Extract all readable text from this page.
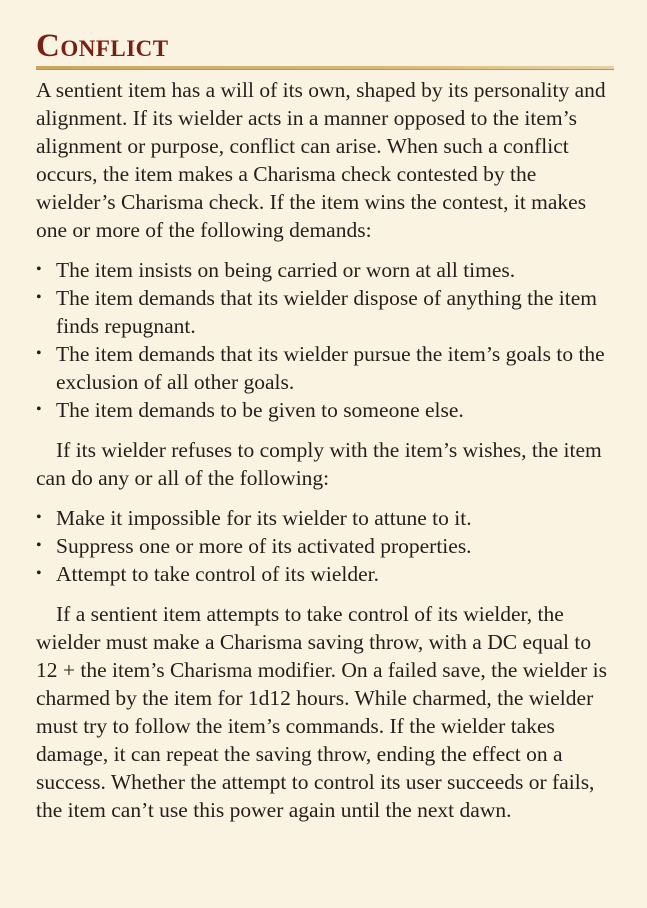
Conflict

A sentient item has a will of its own, shaped by its personality and alignment. If its wielder acts in a manner opposed to the item’s alignment or purpose, conflict can arise. When such a conflict occurs, the item makes a Charisma check contested by the wielder’s Charisma check. If the item wins the contest, it makes one or more of the following demands:

• The item insists on being carried or worn at all times.
• The item demands that its wielder dispose of anything the item finds repugnant.
• The item demands that its wielder pursue the item’s goals to the exclusion of all other goals.
• The item demands to be given to someone else.

If its wielder refuses to comply with the item’s wishes, the item can do any or all of the following:

• Make it impossible for its wielder to attune to it.
• Suppress one or more of its activated properties.
• Attempt to take control of its wielder.

If a sentient item attempts to take control of its wielder, the wielder must make a Charisma saving throw, with a DC equal to 12 + the item’s Charisma modifier. On a failed save, the wielder is charmed by the item for 1d12 hours. While charmed, the wielder must try to follow the item’s commands. If the wielder takes damage, it can repeat the saving throw, ending the effect on a success. Whether the attempt to control its user succeeds or fails, the item can’t use this power again until the next dawn.
